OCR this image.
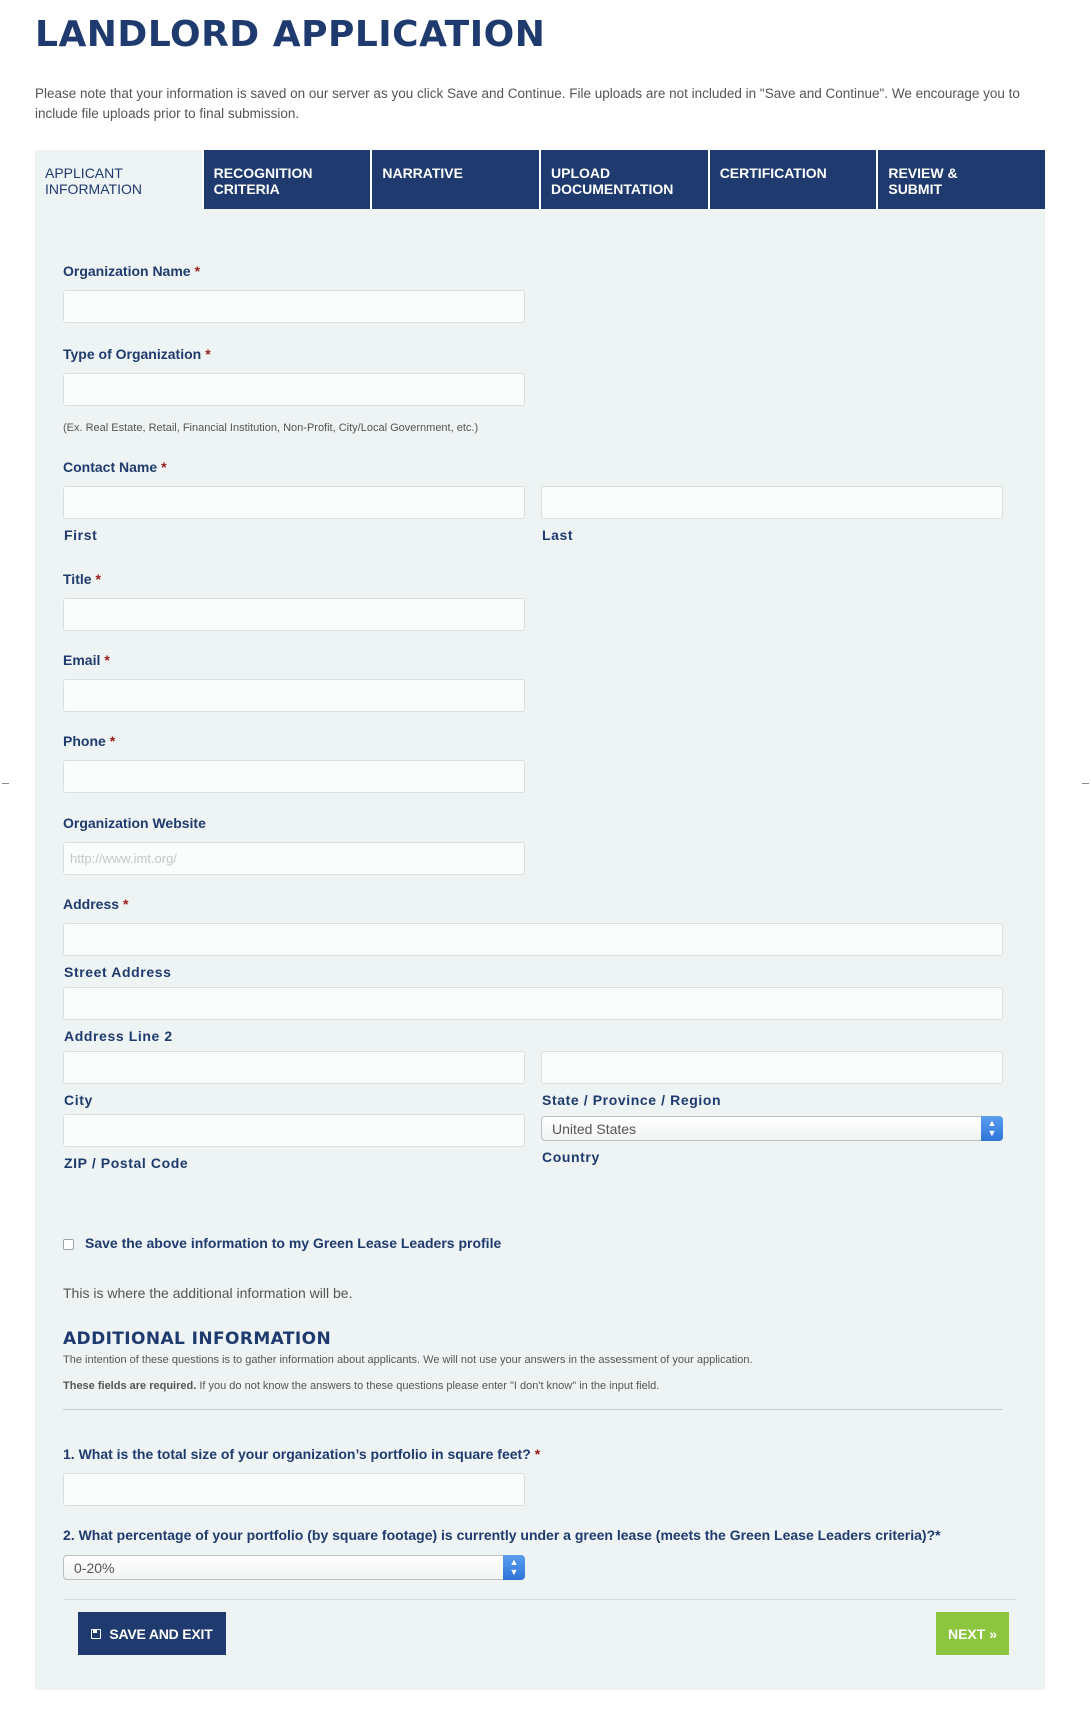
LANDLORD APPLICATION

Please note that your information is saved on our server as you click Save and Continue. File uploads are not included in "Save and Continue". We encourage you to include file uploads prior to final submission.

APPLICANT
INFORMATION
RECOGNITION
CRITERIA
NARRATIVE	UPLOAD
DOCUMENTATION
CERTIFICATION	REVIEW &
SUBMIT
Organization Name *
Type of Organization *
(Ex. Real Estate, Retail, Financial Institution, Non-Profit, City/Local Government, etc.)
Contact Name *
First	Last
Title *
Email *
Phone *
Organization Website
http://www.imt.org/
Address *
Street Address
Address Line 2
City	State / Province / Region
United States	▲
▼
ZIP / Postal Code	Country
Save the above information to my Green Lease Leaders profile
This is where the additional information will be.
ADDITIONAL INFORMATION
The intention of these questions is to gather information about applicants. We will not use your answers in the assessment of your application.
These fields are required. If you do not know the answers to these questions please enter "I don't know" in the input field.
1. What is the total size of your organization’s portfolio in square feet? *
2. What percentage of your portfolio (by square footage) is currently under a green lease (meets the Green Lease Leaders criteria)?*
0-20%	▲
▼
SAVE AND EXIT	NEXT »
